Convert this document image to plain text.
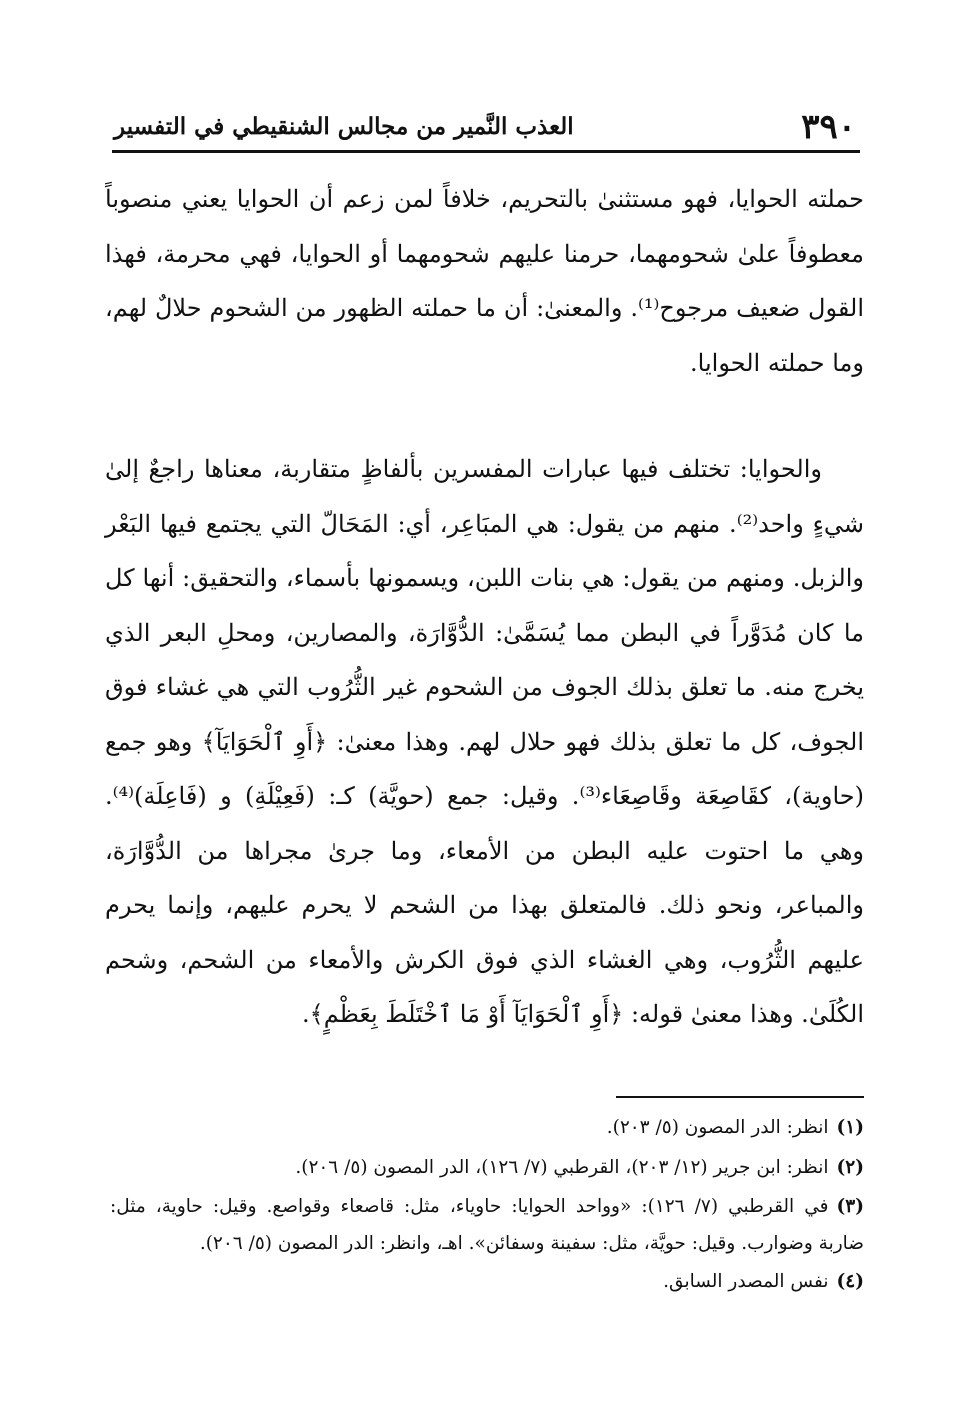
٣٩٠
العذب النَّمير من مجالس الشنقيطي في التفسير

حملته الحوايا، فهو مستثنىٰ بالتحريم، خلافاً لمن زعم أن الحوايا يعني منصوباً معطوفاً علىٰ شحومهما، حرمنا عليهم شحومهما أو الحوايا، فهي محرمة، فهذا القول ضعيف مرجوح⁽¹⁾. والمعنىٰ: أن ما حملته الظهور من الشحوم حلالٌ لهم، وما حملته الحوايا.

والحوايا: تختلف فيها عبارات المفسرين بألفاظٍ متقاربة، معناها راجعٌ إلىٰ شيءٍ واحد⁽²⁾. منهم من يقول: هي المبَاعِر، أي: المَحَالّ التي يجتمع فيها البَعْر والزبل. ومنهم من يقول: هي بنات اللبن، ويسمونها بأسماء، والتحقيق: أنها كل ما كان مُدَوَّراً في البطن مما يُسَمَّىٰ: الدُّوَّارَة، والمصارين، ومحلِ البعر الذي يخرج منه. ما تعلق بذلك الجوف من الشحوم غير الثُّرُوب التي هي غشاء فوق الجوف، كل ما تعلق بذلك فهو حلال لهم. وهذا معنىٰ: ﴿أَوِ ٱلْحَوَايَآ﴾ وهو جمع (حاوية)، كقَاصِعَة وقَاصِعَاء⁽³⁾. وقيل: جمع (حويَّة) كـ: (فَعِيْلَةِ) و (فَاعِلَة)⁽⁴⁾. وهي ما احتوت عليه البطن من الأمعاء، وما جرىٰ مجراها من الدُّوَّارَة، والمباعر، ونحو ذلك. فالمتعلق بهذا من الشحم لا يحرم عليهم، وإنما يحرم عليهم الثُّرُوب، وهي الغشاء الذي فوق الكرش والأمعاء من الشحم، وشحم الكُلَىٰ. وهذا معنىٰ قوله: ﴿أَوِ ٱلْحَوَايَآ أَوْ مَا ٱخْتَلَطَ بِعَظْمٍ﴾.

(١)انظر: الدر المصون (٥/ ٢٠٣).

(٢)انظر: ابن جرير (١٢/ ٢٠٣)، القرطبي (٧/ ١٢٦)، الدر المصون (٥/ ٢٠٦).

(٣)في القرطبي (٧/ ١٢٦): «وواحد الحوايا: حاوياء، مثل: قاصعاء وقواصع. وقيل: حاوية، مثل: ضاربة وضوارب. وقيل: حويَّة، مثل: سفينة وسفائن». اهـ، وانظر: الدر المصون (٥/ ٢٠٦).

(٤)نفس المصدر السابق.
